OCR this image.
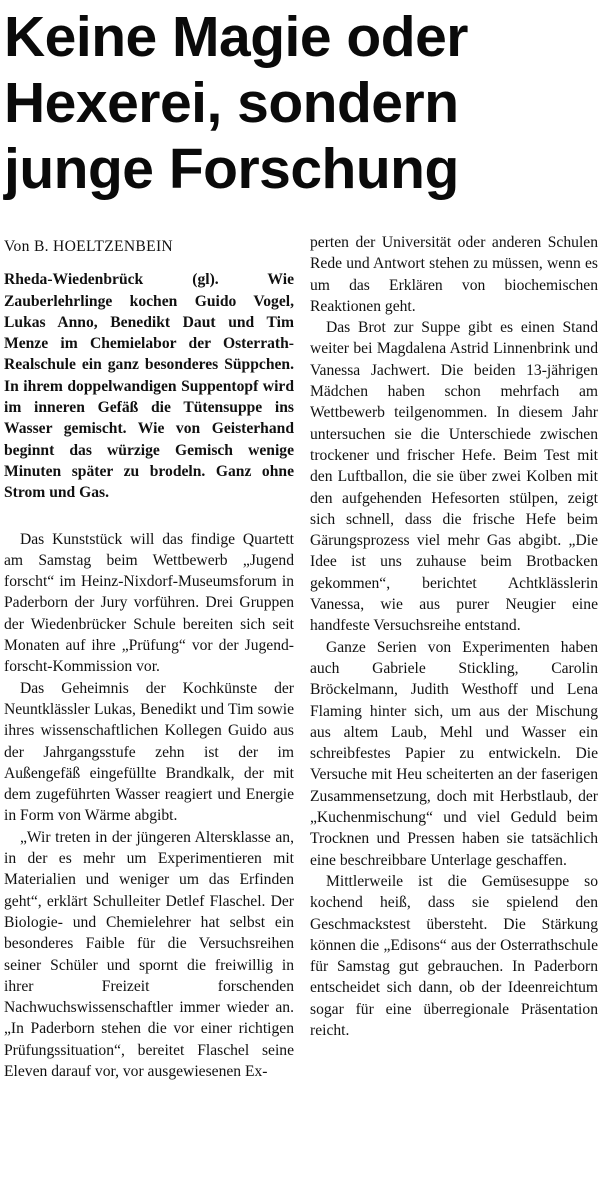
Keine Magie oder Hexerei, sondern junge Forschung
Von B. HOELTZENBEIN

Rheda-Wiedenbrück (gl). Wie Zauberlehrlinge kochen Guido Vogel, Lukas Anno, Benedikt Daut und Tim Menze im Chemielabor der Osterrath-Realschule ein ganz besonderes Süppchen. In ihrem doppelwandigen Suppentopf wird im inneren Gefäß die Tütensuppe ins Wasser gemischt. Wie von Geisterhand beginnt das würzige Gemisch wenige Minuten später zu brodeln. Ganz ohne Strom und Gas.

Das Kunststück will das findige Quartett am Samstag beim Wettbewerb „Jugend forscht“ im Heinz-Nixdorf-Museumsforum in Paderborn der Jury vorführen. Drei Gruppen der Wiedenbrücker Schule bereiten sich seit Monaten auf ihre „Prüfung“ vor der Jugend-forscht-Kommission vor.

Das Geheimnis der Kochkünste der Neuntklässler Lukas, Benedikt und Tim sowie ihres wissenschaftlichen Kollegen Guido aus der Jahrgangsstufe zehn ist der im Außengefäß eingefüllte Brandkalk, der mit dem zugeführten Wasser reagiert und Energie in Form von Wärme abgibt.

„Wir treten in der jüngeren Altersklasse an, in der es mehr um Experimentieren mit Materialien und weniger um das Erfinden geht“, erklärt Schulleiter Detlef Flaschel. Der Biologie- und Chemielehrer hat selbst ein besonderes Faible für die Versuchsreihen seiner Schüler und spornt die freiwillig in ihrer Freizeit forschenden Nachwuchswissenschaftler immer wieder an. „In Paderborn stehen die vor einer richtigen Prüfungssituation“, bereitet Flaschel seine Eleven darauf vor, vor ausgewiesenen Ex-

perten der Universität oder anderen Schulen Rede und Antwort stehen zu müssen, wenn es um das Erklären von biochemischen Reaktionen geht.

Das Brot zur Suppe gibt es einen Stand weiter bei Magdalena Astrid Linnenbrink und Vanessa Jachwert. Die beiden 13-jährigen Mädchen haben schon mehrfach am Wettbewerb teilgenommen. In diesem Jahr untersuchen sie die Unterschiede zwischen trockener und frischer Hefe. Beim Test mit den Luftballon, die sie über zwei Kolben mit den aufgehenden Hefesorten stülpen, zeigt sich schnell, dass die frische Hefe beim Gärungsprozess viel mehr Gas abgibt. „Die Idee ist uns zuhause beim Brotbacken gekommen“, berichtet Achtklässlerin Vanessa, wie aus purer Neugier eine handfeste Versuchsreihe entstand.

Ganze Serien von Experimenten haben auch Gabriele Stickling, Carolin Bröckelmann, Judith Westhoff und Lena Flaming hinter sich, um aus der Mischung aus altem Laub, Mehl und Wasser ein schreibfestes Papier zu entwickeln. Die Versuche mit Heu scheiterten an der faserigen Zusammensetzung, doch mit Herbstlaub, der „Kuchenmischung“ und viel Geduld beim Trocknen und Pressen haben sie tatsächlich eine beschreibbare Unterlage geschaffen.

Mittlerweile ist die Gemüsesuppe so kochend heiß, dass sie spielend den Geschmackstest übersteht. Die Stärkung können die „Edisons“ aus der Osterrathschule für Samstag gut gebrauchen. In Paderborn entscheidet sich dann, ob der Ideenreichtum sogar für eine überregionale Präsentation reicht.
